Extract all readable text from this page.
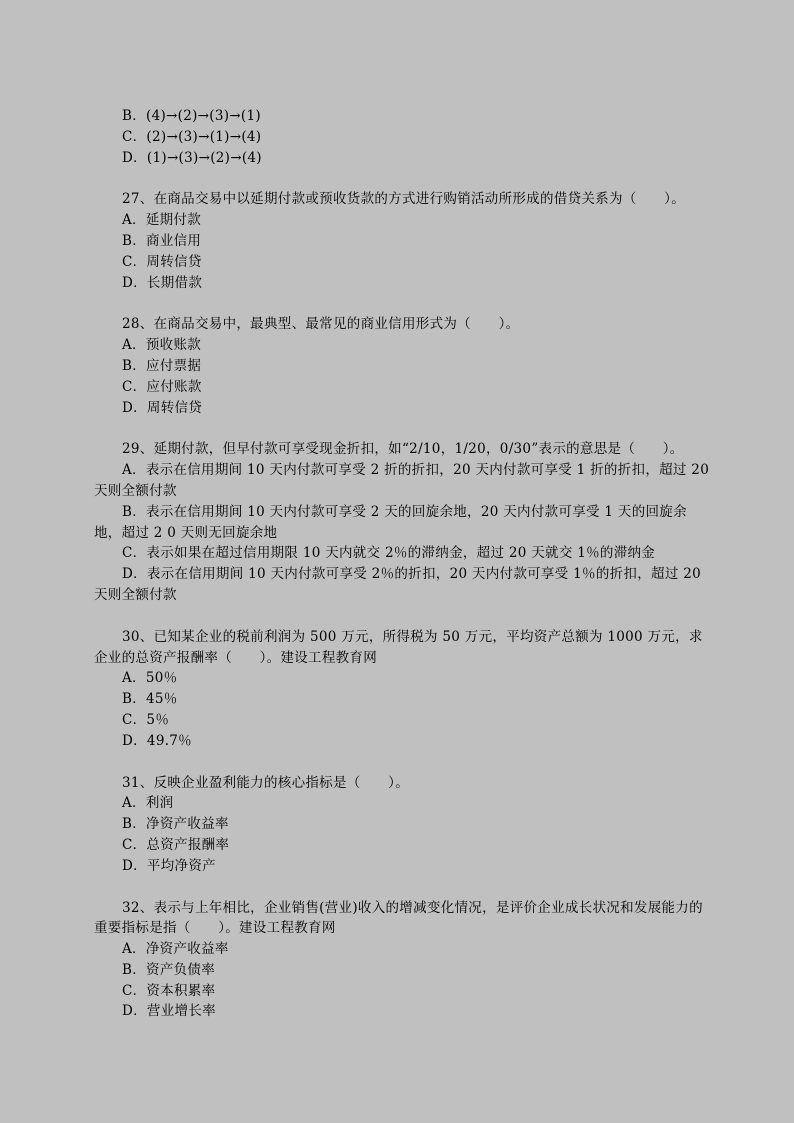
B．(4)→(2)→(3)→(1)
C．(2)→(3)→(1)→(4)
D．(1)→(3)→(2)→(4)
27、在商品交易中以延期付款或预收货款的方式进行购销活动所形成的借贷关系为（　　）。
A．延期付款
B．商业信用
C．周转信贷
D．长期借款
28、在商品交易中，最典型、最常见的商业信用形式为（　　）。
A．预收账款
B．应付票据
C．应付账款
D．周转信贷
29、延期付款，但早付款可享受现金折扣，如“2/10，1/20，0/30”表示的意思是（　　）。
A．表示在信用期间 10 天内付款可享受 2 折的折扣，20 天内付款可享受 1 折的折扣，超过 20 天则全额付款
B．表示在信用期间 10 天内付款可享受 2 天的回旋余地，20 天内付款可享受 1 天的回旋余地，超过 2 0 天则无回旋余地
C．表示如果在超过信用期限 10 天内就交 2％的滞纳金，超过 20 天就交 1％的滞纳金
D．表示在信用期间 10 天内付款可享受 2％的折扣，20 天内付款可享受 1％的折扣，超过 20 天则全额付款
30、已知某企业的税前利润为 500 万元，所得税为 50 万元，平均资产总额为 1000 万元，求企业的总资产报酬率（　　）。建设工程教育网
A．50％
B．45％
C．5％
D．49.7％
31、反映企业盈利能力的核心指标是（　　）。
A．利润
B．净资产收益率
C．总资产报酬率
D．平均净资产
32、表示与上年相比，企业销售(营业)收入的增减变化情况，是评价企业成长状况和发展能力的重要指标是指（　　）。建设工程教育网
A．净资产收益率
B．资产负债率
C．资本积累率
D．营业增长率
